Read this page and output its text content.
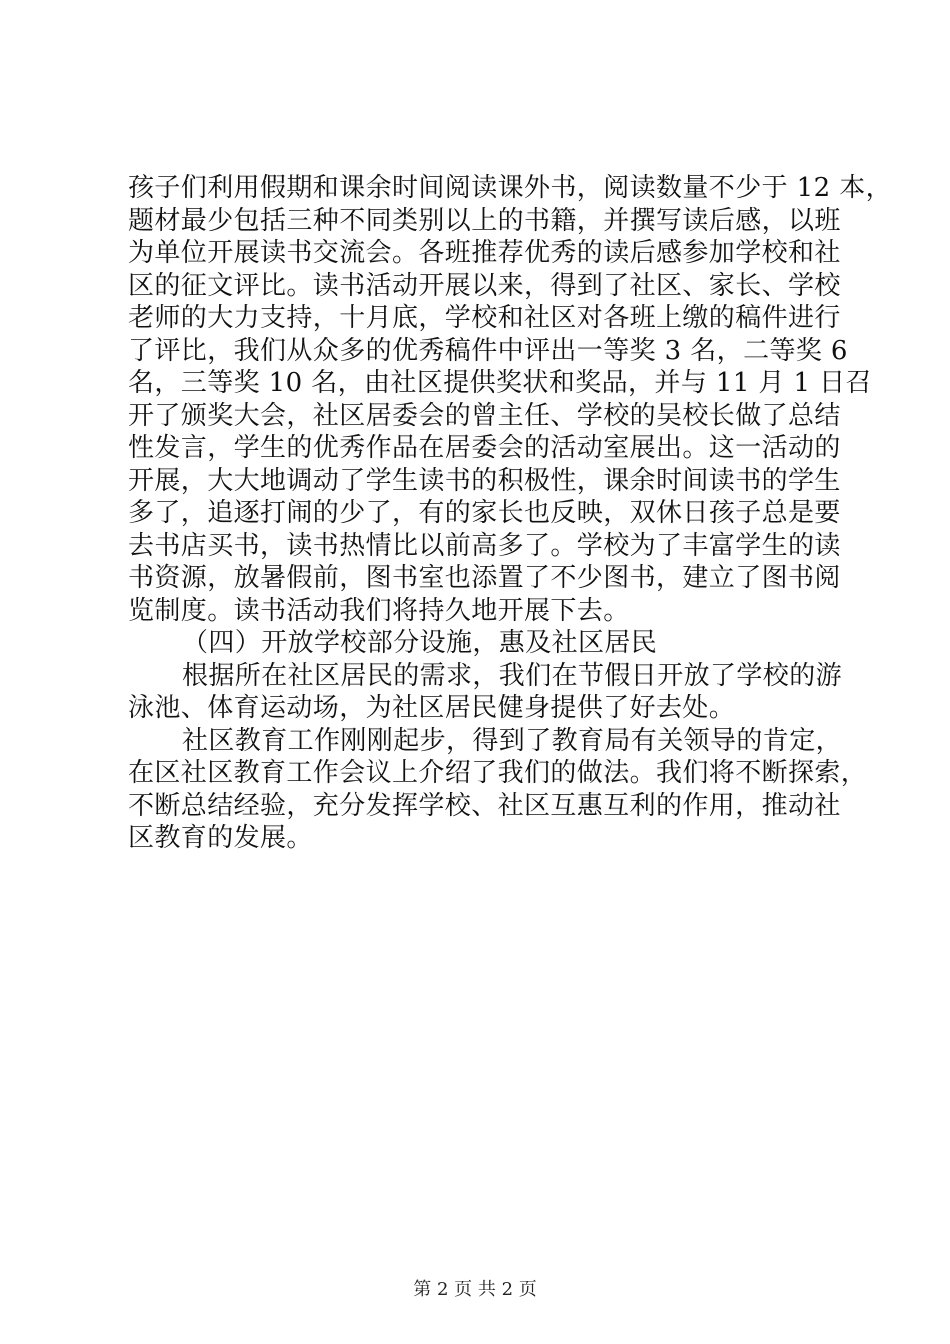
孩子们利用假期和课余时间阅读课外书，阅读数量不少于 12 本，
题材最少包括三种不同类别以上的书籍，并撰写读后感，以班
为单位开展读书交流会。各班推荐优秀的读后感参加学校和社
区的征文评比。读书活动开展以来，得到了社区、家长、学校
老师的大力支持，十月底，学校和社区对各班上缴的稿件进行
了评比，我们从众多的优秀稿件中评出一等奖 3 名，二等奖 6
名，三等奖 10 名，由社区提供奖状和奖品，并与 11 月 1 日召
开了颁奖大会，社区居委会的曾主任、学校的吴校长做了总结
性发言，学生的优秀作品在居委会的活动室展出。这一活动的
开展，大大地调动了学生读书的积极性，课余时间读书的学生
多了，追逐打闹的少了，有的家长也反映，双休日孩子总是要
去书店买书，读书热情比以前高多了。学校为了丰富学生的读
书资源，放暑假前，图书室也添置了不少图书，建立了图书阅
览制度。读书活动我们将持久地开展下去。
（四）开放学校部分设施，惠及社区居民
根据所在社区居民的需求，我们在节假日开放了学校的游
泳池、体育运动场，为社区居民健身提供了好去处。
社区教育工作刚刚起步，得到了教育局有关领导的肯定，
在区社区教育工作会议上介绍了我们的做法。我们将不断探索，
不断总结经验，充分发挥学校、社区互惠互利的作用，推动社
区教育的发展。
第 2 页 共 2 页
